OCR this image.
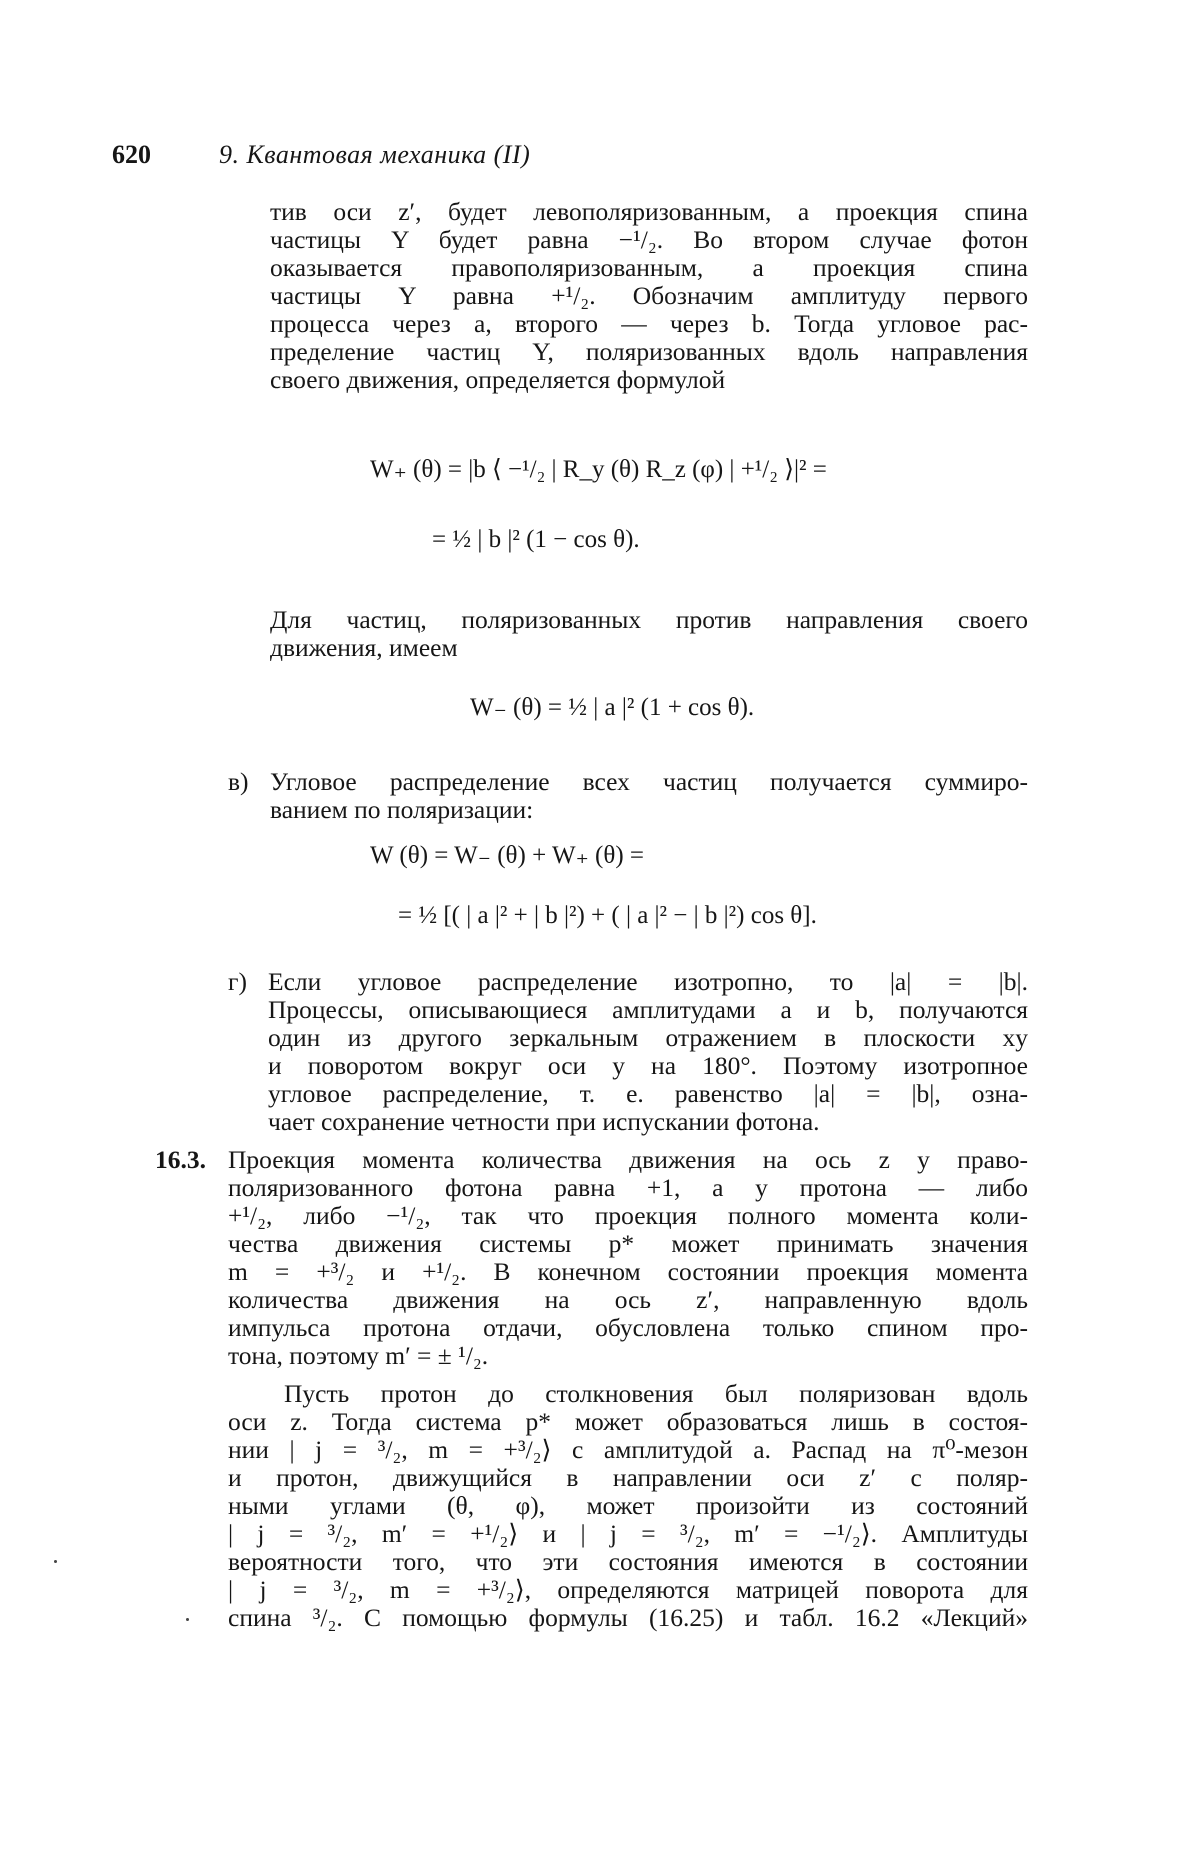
620	9. Квантовая механика (II)
тив оси z′, будет левополяризованным, а проекция спина
частицы Y будет равна −¹/₂. Во втором случае фотон
оказывается правополяризованным, а проекция спина
частицы Y равна +¹/₂. Обозначим амплитуду первого
процесса через a, второго — через b. Тогда угловое рас-
пределение частиц Y, поляризованных вдоль направления
своего движения, определяется формулой
W₊ (θ) = |b ⟨ −¹/₂ | R_y (θ) R_z (φ) | +¹/₂ ⟩|² =
= ½ | b |² (1 − cos θ).
Для частиц, поляризованных против направления своего
движения, имеем
W₋ (θ) = ½ | a |² (1 + cos θ).
в) Угловое распределение всех частиц получается суммиро-
ванием по поляризации:
W (θ) = W₋ (θ) + W₊ (θ) =
= ½ [( | a |² + | b |²) + ( | a |² − | b |²) cos θ].
г) Если угловое распределение изотропно, то |a| = |b|.
Процессы, описывающиеся амплитудами a и b, получаются
один из другого зеркальным отражением в плоскости xy
и поворотом вокруг оси y на 180°. Поэтому изотропное
угловое распределение, т. е. равенство |a| = |b|, озна-
чает сохранение четности при испускании фотона.
16.3. Проекция момента количества движения на ось z у право-
поляризованного фотона равна +1, а у протона — либо
+¹/₂, либо −¹/₂, так что проекция полного момента коли-
чества движения системы p* может принимать значения
m = +³/₂ и +¹/₂. В конечном состоянии проекция момента
количества движения на ось z′, направленную вдоль
импульса протона отдачи, обусловлена только спином про-
тона, поэтому m′ = ± ¹/₂.
Пусть протон до столкновения был поляризован вдоль
оси z. Тогда система p* может образоваться лишь в состоя-
нии | j = ³/₂, m = +³/₂⟩ с амплитудой a. Распад на π⁰-мезон
и протон, движущийся в направлении оси z′ с поляр-
ными углами (θ, φ), может произойти из состояний
| j = ³/₂, m′ = +¹/₂⟩ и | j = ³/₂, m′ = −¹/₂⟩. Амплитуды
вероятности того, что эти состояния имеются в состоянии
| j = ³/₂, m = +³/₂⟩, определяются матрицей поворота для
спина ³/₂. С помощью формулы (16.25) и табл. 16.2 «Лекций»
